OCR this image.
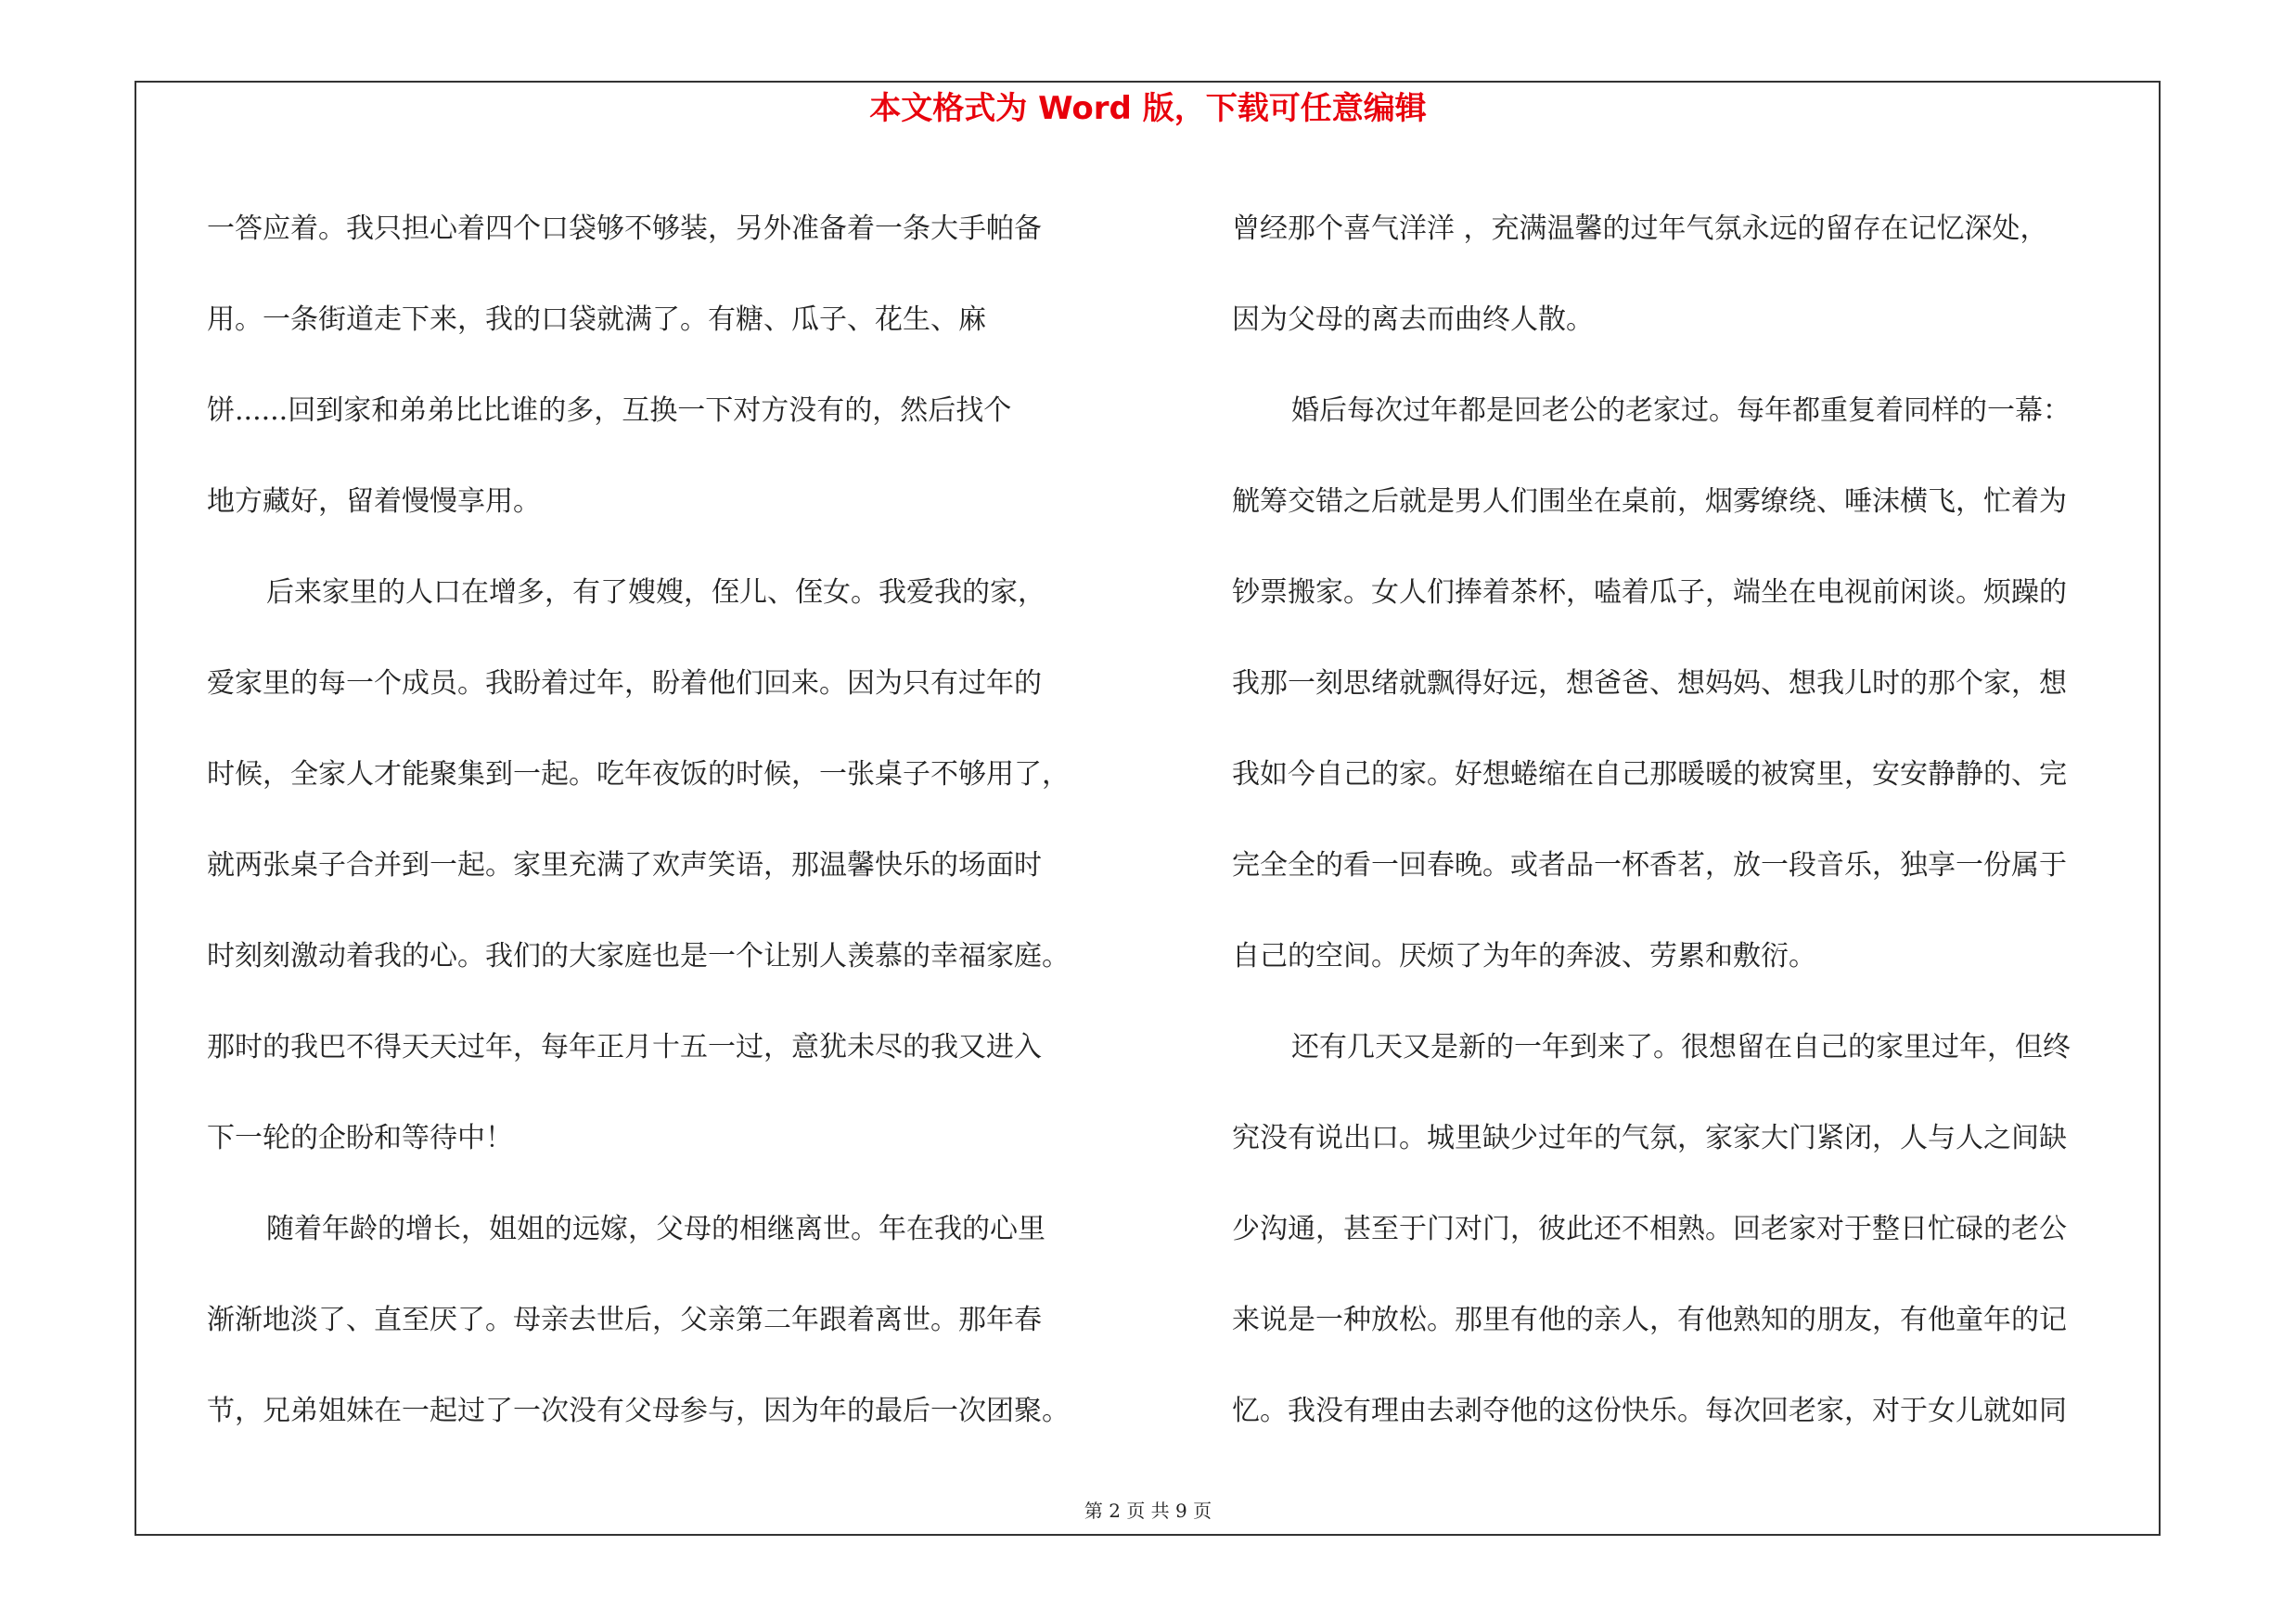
本文格式为 Word 版，下载可任意编辑
一答应着。我只担心着四个口袋够不够装，另外准备着一条大手帕备
用。一条街道走下来，我的口袋就满了。有糖、瓜子、花生、麻
饼......回到家和弟弟比比谁的多，互换一下对方没有的，然后找个
地方藏好，留着慢慢享用。
后来家里的人口在增多，有了嫂嫂，侄儿、侄女。我爱我的家，
爱家里的每一个成员。我盼着过年，盼着他们回来。因为只有过年的
时候，全家人才能聚集到一起。吃年夜饭的时候，一张桌子不够用了，
就两张桌子合并到一起。家里充满了欢声笑语，那温馨快乐的场面时
时刻刻激动着我的心。我们的大家庭也是一个让别人羡慕的幸福家庭。
那时的我巴不得天天过年，每年正月十五一过，意犹未尽的我又进入
下一轮的企盼和等待中！
随着年龄的增长，姐姐的远嫁，父母的相继离世。年在我的心里
渐渐地淡了、直至厌了。母亲去世后，父亲第二年跟着离世。那年春
节，兄弟姐妹在一起过了一次没有父母参与，因为年的最后一次团聚。
曾经那个喜气洋洋 ，充满温馨的过年气氛永远的留存在记忆深处，
因为父母的离去而曲终人散。
婚后每次过年都是回老公的老家过。每年都重复着同样的一幕：
觥筹交错之后就是男人们围坐在桌前，烟雾缭绕、唾沫横飞，忙着为
钞票搬家。女人们捧着茶杯，嗑着瓜子，端坐在电视前闲谈。烦躁的
我那一刻思绪就飘得好远，想爸爸、想妈妈、想我儿时的那个家，想
我如今自己的家。好想蜷缩在自己那暖暖的被窝里，安安静静的、完
完全全的看一回春晚。或者品一杯香茗，放一段音乐，独享一份属于
自己的空间。厌烦了为年的奔波、劳累和敷衍。
还有几天又是新的一年到来了。很想留在自己的家里过年，但终
究没有说出口。城里缺少过年的气氛，家家大门紧闭，人与人之间缺
少沟通，甚至于门对门，彼此还不相熟。回老家对于整日忙碌的老公
来说是一种放松。那里有他的亲人，有他熟知的朋友，有他童年的记
忆。我没有理由去剥夺他的这份快乐。每次回老家，对于女儿就如同
第 2 页 共 9 页
